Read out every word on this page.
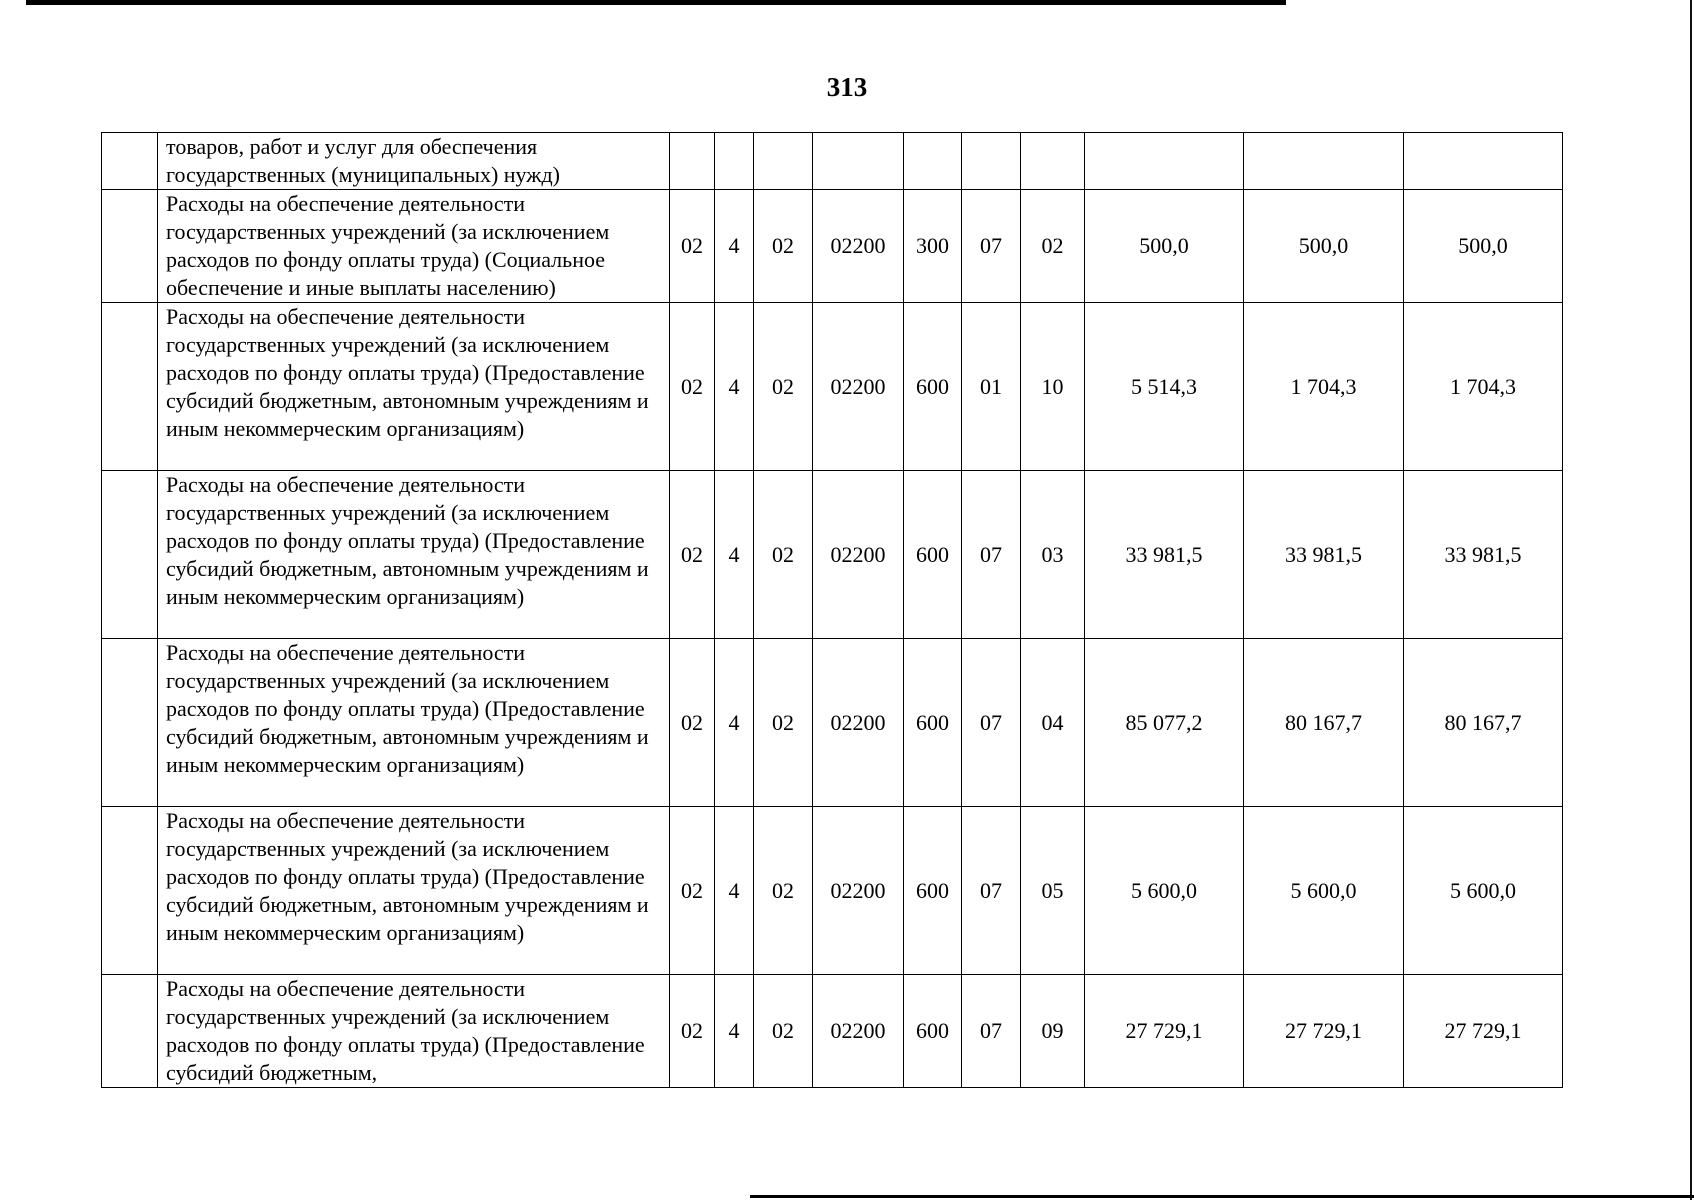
313
	товаров, работ и услуг для обеспечения государственных (муниципальных) нужд)										
	Расходы на обеспечение деятельности государственных учреждений (за исключением расходов по фонду оплаты труда) (Социальное обеспечение и иные выплаты населению)	02	4	02	02200	300	07	02	500,0	500,0	500,0
	Расходы на обеспечение деятельности государственных учреждений (за исключением расходов по фонду оплаты труда) (Предоставление субсидий бюджетным, автономным учреждениям и иным некоммерческим организациям)	02	4	02	02200	600	01	10	5 514,3	1 704,3	1 704,3
	Расходы на обеспечение деятельности государственных учреждений (за исключением расходов по фонду оплаты труда) (Предоставление субсидий бюджетным, автономным учреждениям и иным некоммерческим организациям)	02	4	02	02200	600	07	03	33 981,5	33 981,5	33 981,5
	Расходы на обеспечение деятельности государственных учреждений (за исключением расходов по фонду оплаты труда) (Предоставление субсидий бюджетным, автономным учреждениям и иным некоммерческим организациям)	02	4	02	02200	600	07	04	85 077,2	80 167,7	80 167,7
	Расходы на обеспечение деятельности государственных учреждений (за исключением расходов по фонду оплаты труда) (Предоставление субсидий бюджетным, автономным учреждениям и иным некоммерческим организациям)	02	4	02	02200	600	07	05	5 600,0	5 600,0	5 600,0
	Расходы на обеспечение деятельности государственных учреждений (за исключением расходов по фонду оплаты труда) (Предоставление субсидий бюджетным,	02	4	02	02200	600	07	09	27 729,1	27 729,1	27 729,1
